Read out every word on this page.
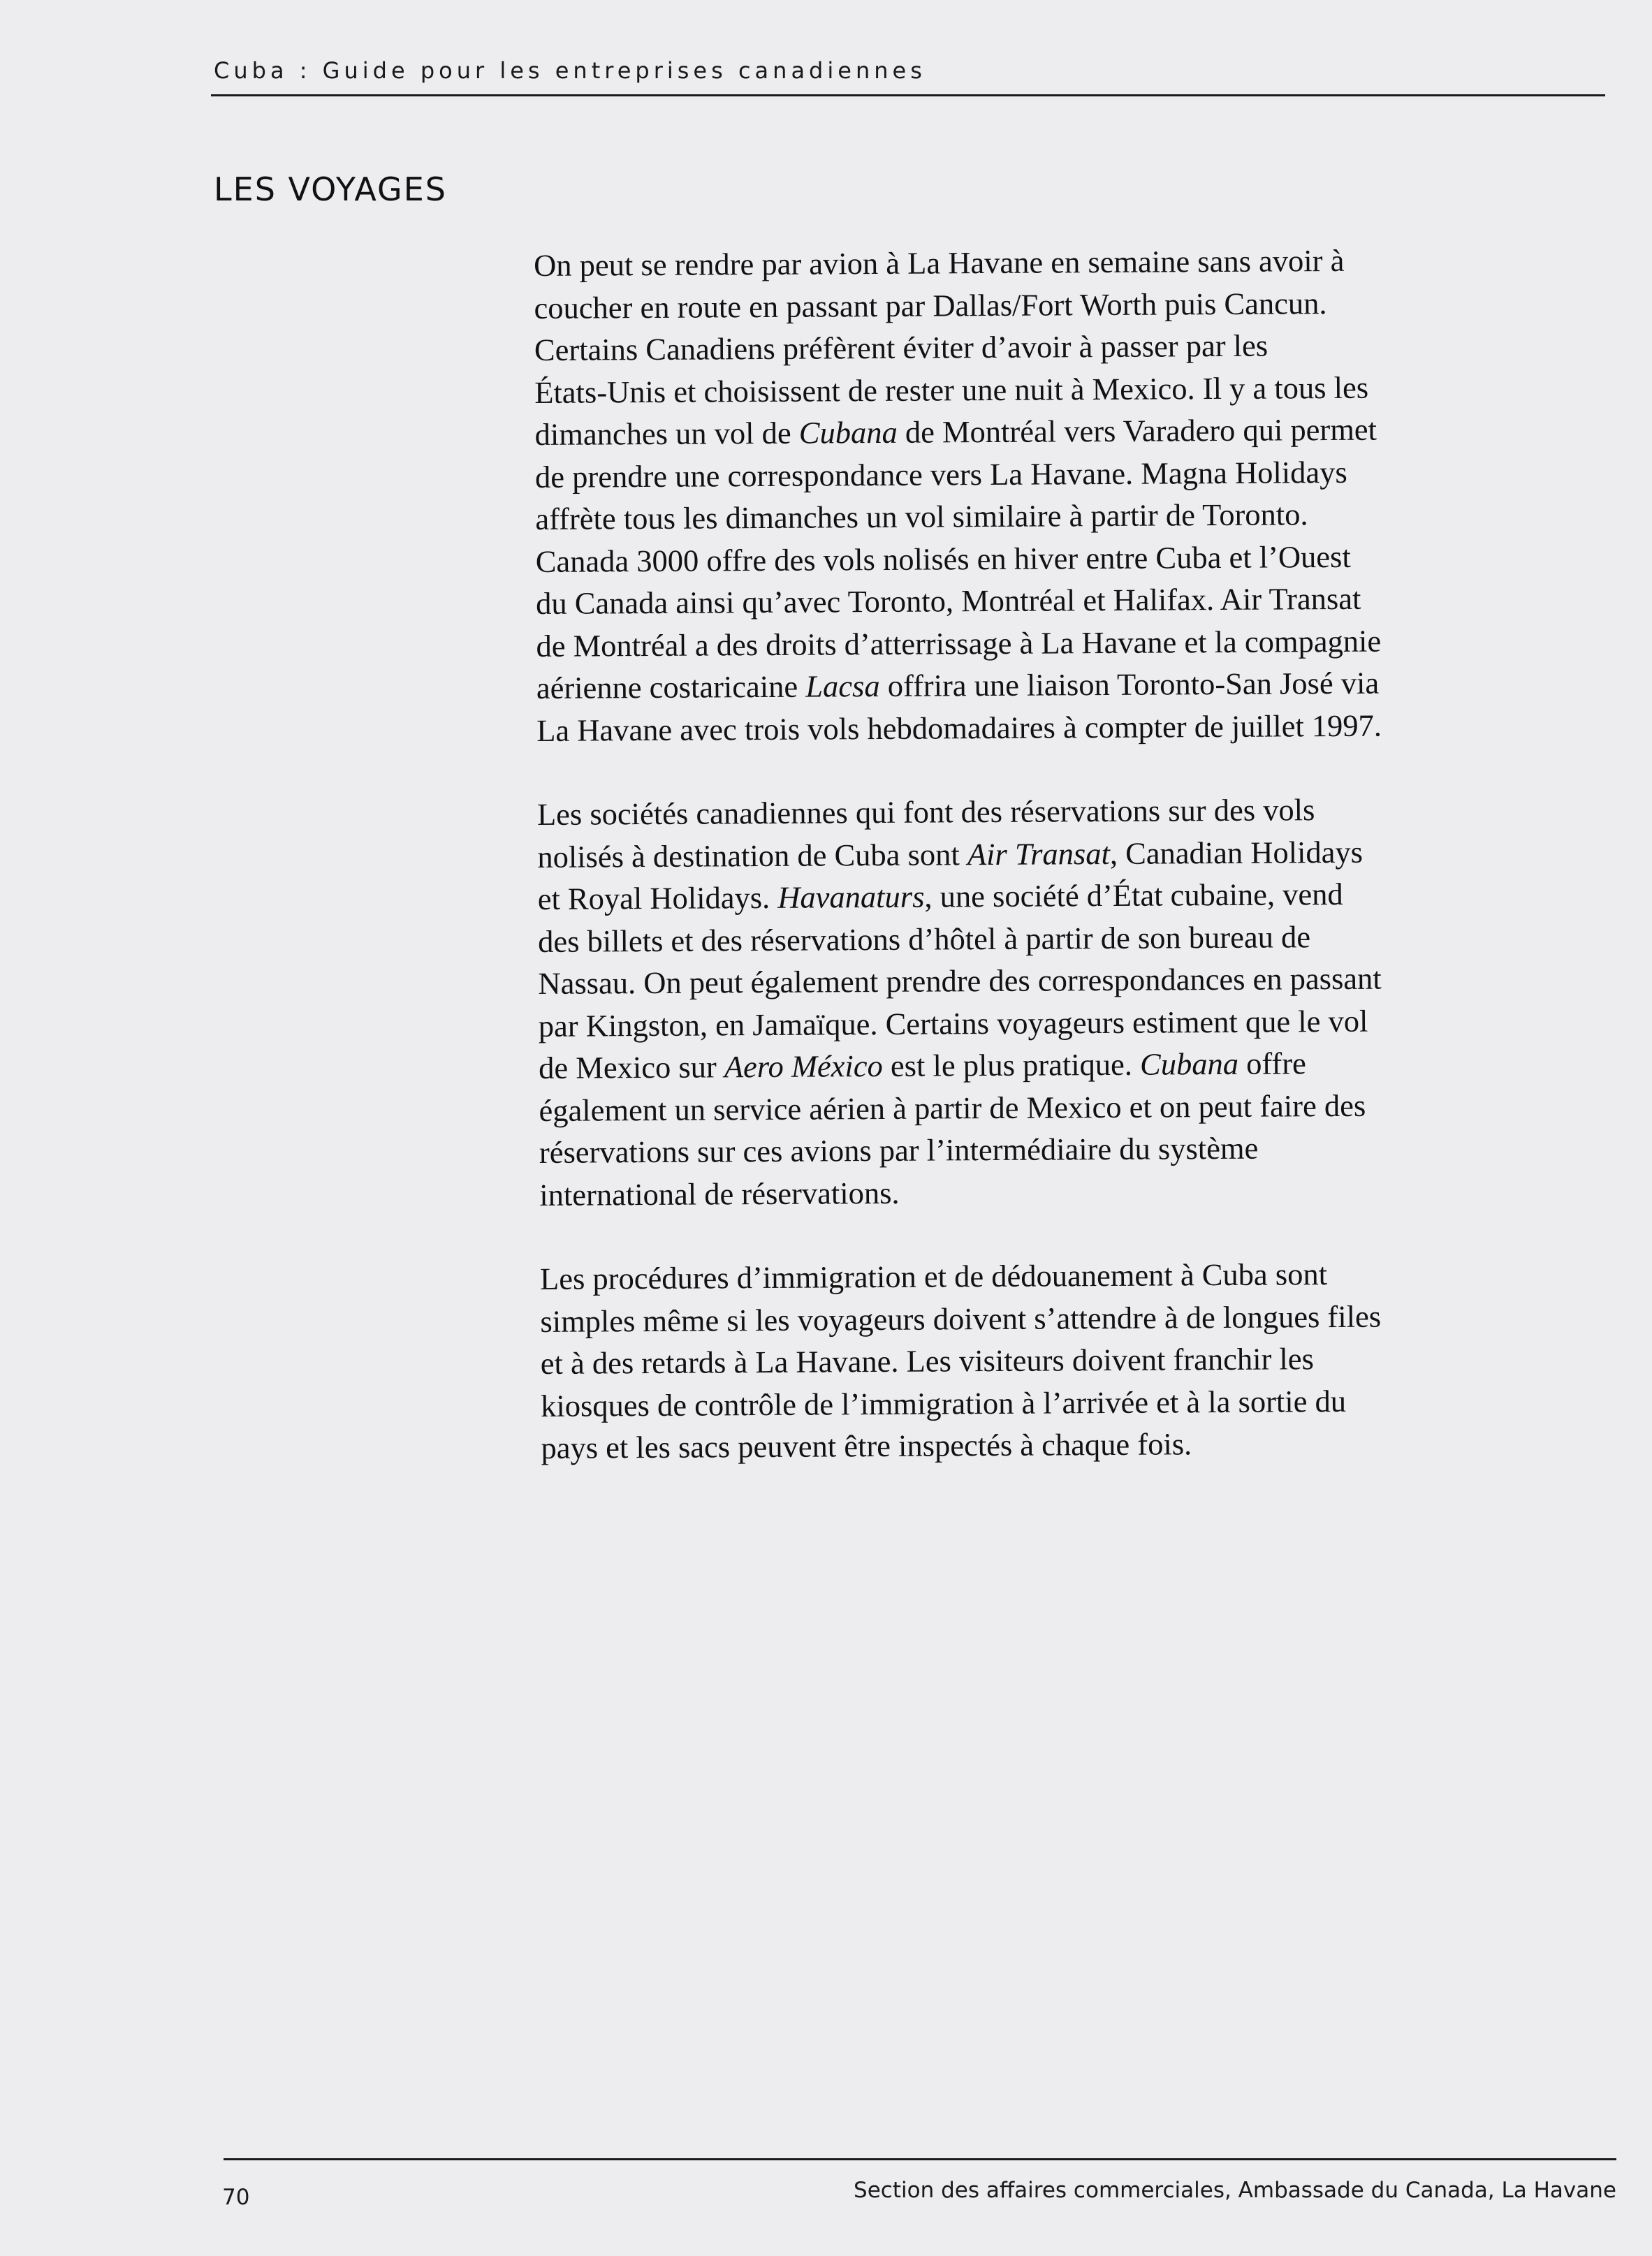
Cuba : Guide pour les entreprises canadiennes
LES VOYAGES
On peut se rendre par avion à La Havane en semaine sans avoir à
coucher en route en passant par Dallas/Fort Worth puis Cancun.
Certains Canadiens préfèrent éviter d’avoir à passer par les
États-Unis et choisissent de rester une nuit à Mexico. Il y a tous les
dimanches un vol de Cubana de Montréal vers Varadero qui permet
de prendre une correspondance vers La Havane. Magna Holidays
affrète tous les dimanches un vol similaire à partir de Toronto.
Canada 3000 offre des vols nolisés en hiver entre Cuba et l’Ouest
du Canada ainsi qu’avec Toronto, Montréal et Halifax. Air Transat
de Montréal a des droits d’atterrissage à La Havane et la compagnie
aérienne costaricaine Lacsa offrira une liaison Toronto-San José via
La Havane avec trois vols hebdomadaires à compter de juillet 1997.
Les sociétés canadiennes qui font des réservations sur des vols
nolisés à destination de Cuba sont Air Transat, Canadian Holidays
et Royal Holidays. Havanaturs, une société d’État cubaine, vend
des billets et des réservations d’hôtel à partir de son bureau de
Nassau. On peut également prendre des correspondances en passant
par Kingston, en Jamaïque. Certains voyageurs estiment que le vol
de Mexico sur Aero México est le plus pratique. Cubana offre
également un service aérien à partir de Mexico et on peut faire des
réservations sur ces avions par l’intermédiaire du système
international de réservations.
Les procédures d’immigration et de dédouanement à Cuba sont
simples même si les voyageurs doivent s’attendre à de longues files
et à des retards à La Havane. Les visiteurs doivent franchir les
kiosques de contrôle de l’immigration à l’arrivée et à la sortie du
pays et les sacs peuvent être inspectés à chaque fois.
70	Section des affaires commerciales, Ambassade du Canada, La Havane
